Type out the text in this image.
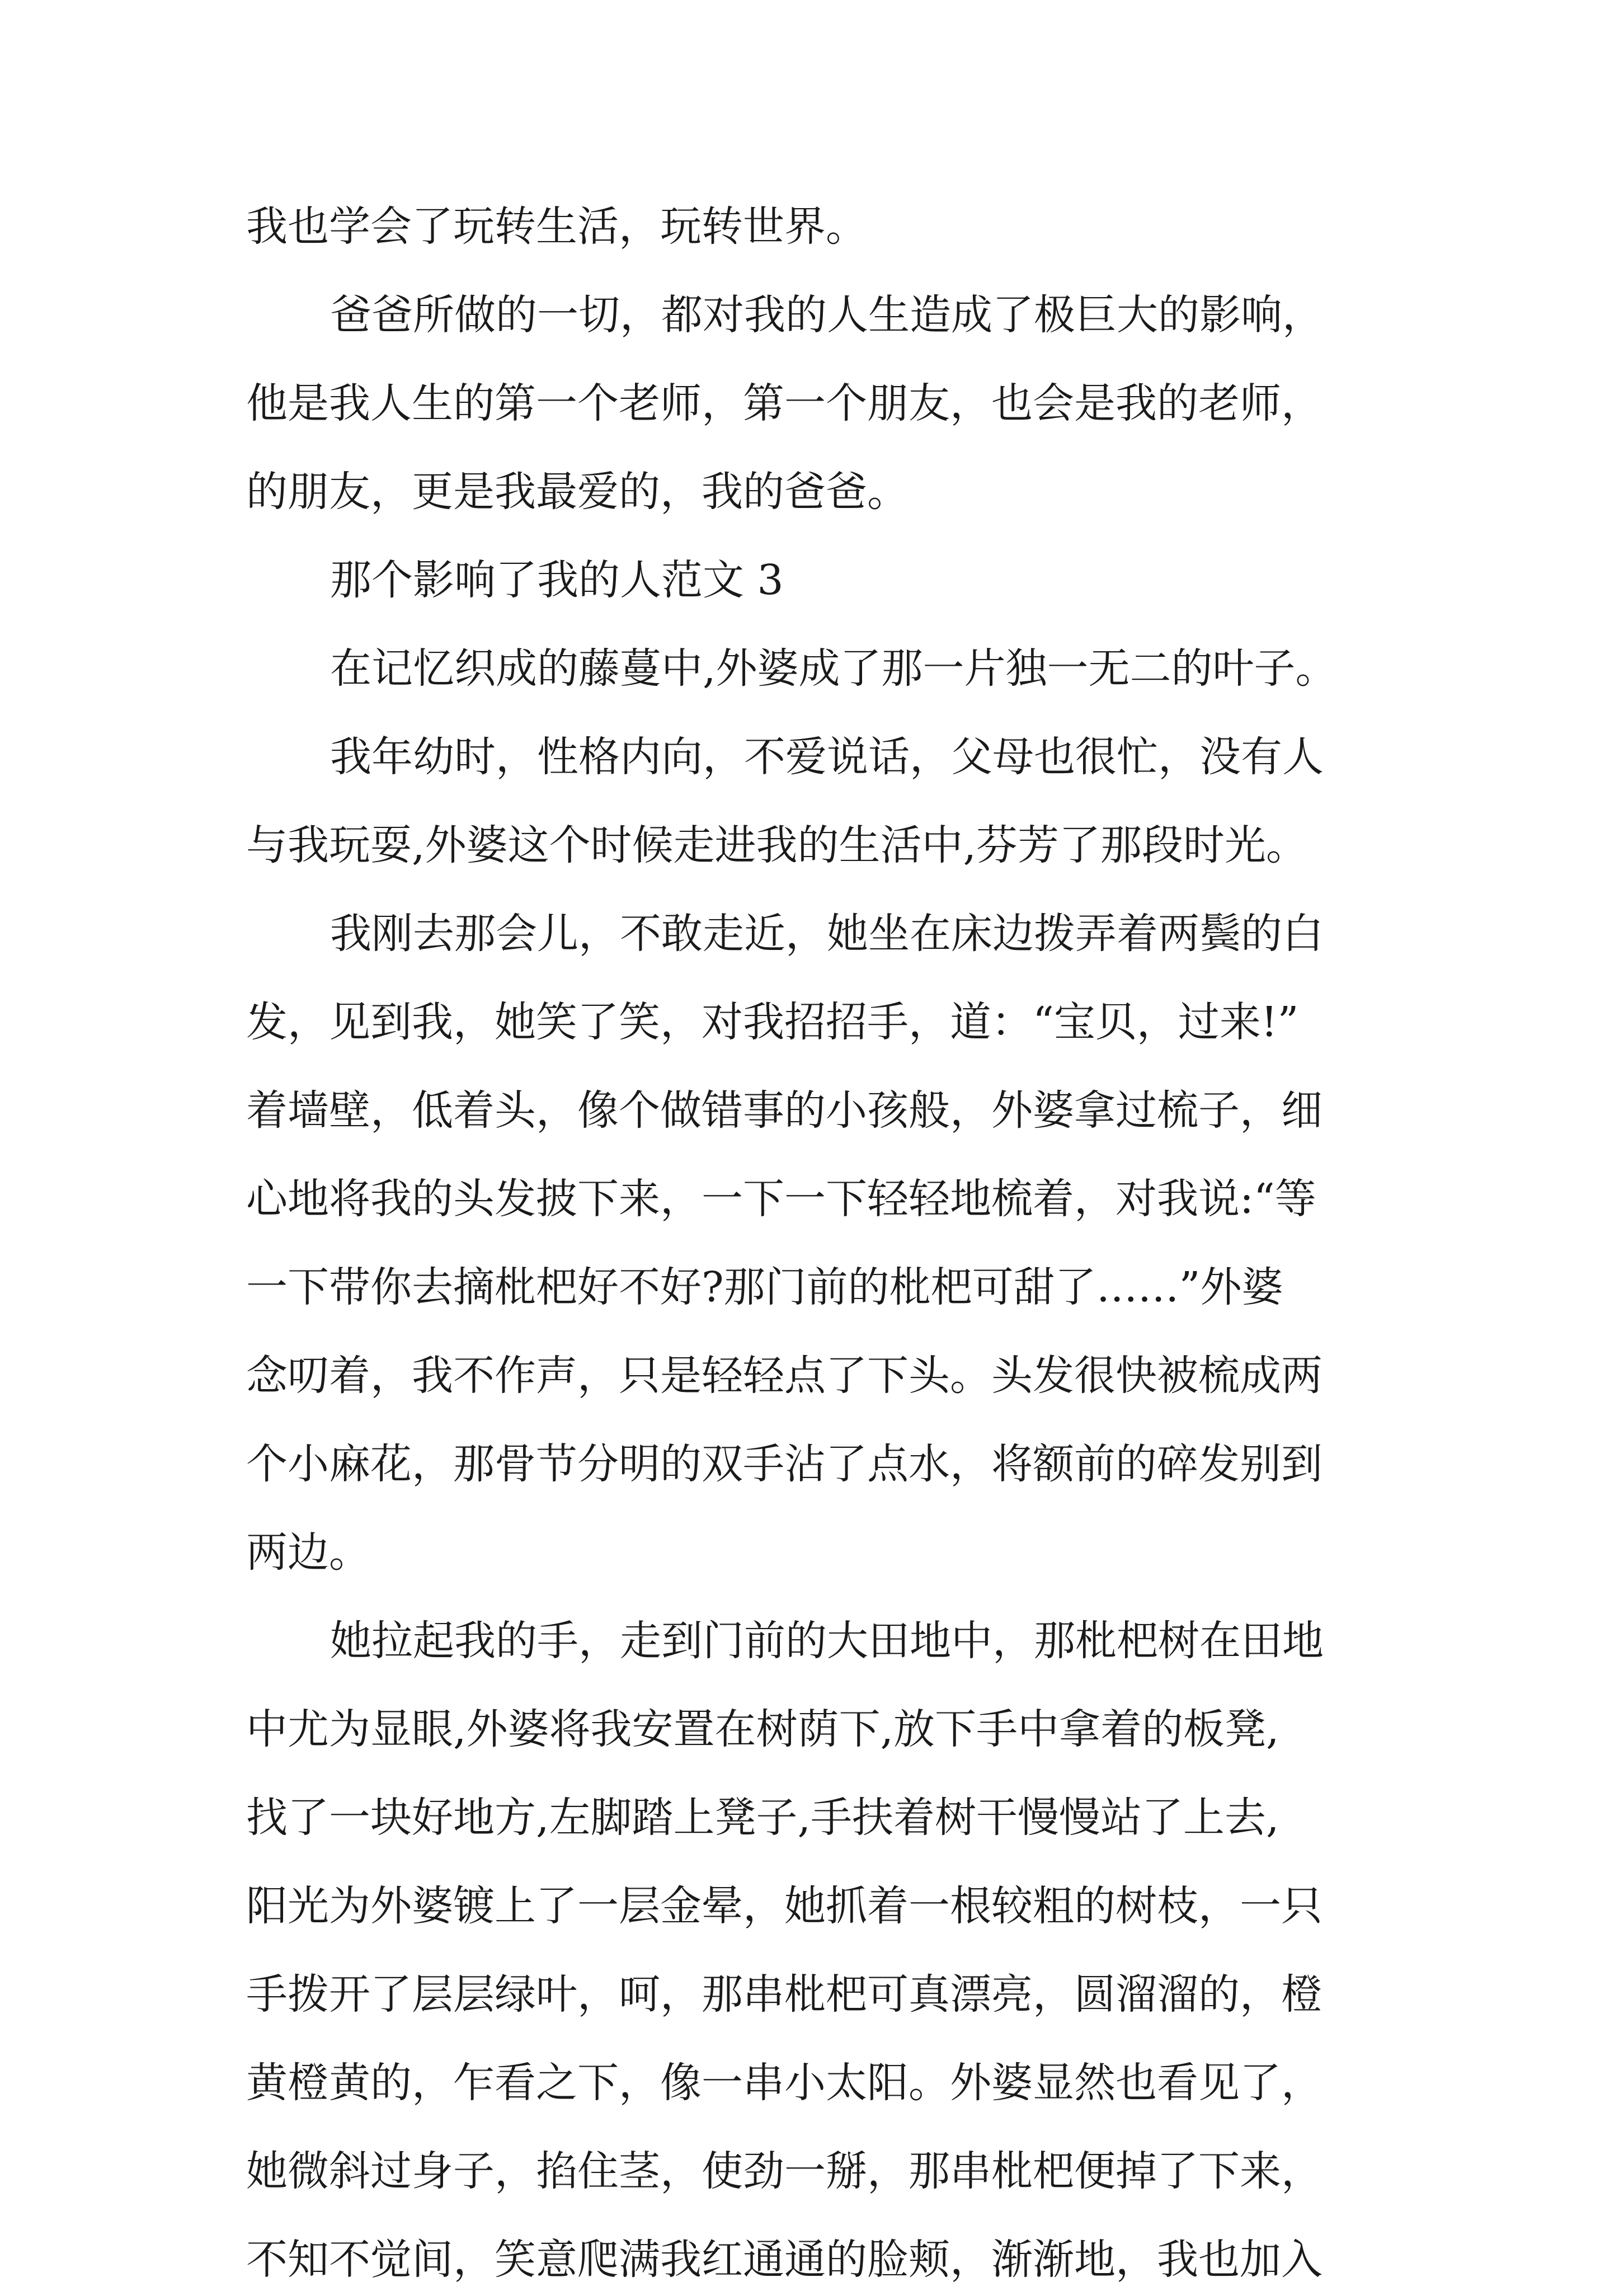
我也学会了玩转生活，玩转世界。
爸爸所做的一切，都对我的人生造成了极巨大的影响，
他是我人生的第一个老师，第一个朋友，也会是我的老师，
的朋友，更是我最爱的，我的爸爸。
那个影响了我的人范文 3
在记忆织成的藤蔓中,外婆成了那一片独一无二的叶子。
我年幼时，性格内向，不爱说话，父母也很忙，没有人
与我玩耍,外婆这个时候走进我的生活中,芬芳了那段时光。
我刚去那会儿，不敢走近，她坐在床边拨弄着两鬓的白
发，见到我，她笑了笑，对我招招手，道：“宝贝，过来!”
着墙壁，低着头，像个做错事的小孩般，外婆拿过梳子，细
心地将我的头发披下来，一下一下轻轻地梳着，对我说:“等
一下带你去摘枇杷好不好?那门前的枇杷可甜了……”外婆
念叨着，我不作声，只是轻轻点了下头。头发很快被梳成两
个小麻花，那骨节分明的双手沾了点水，将额前的碎发别到
两边。
她拉起我的手，走到门前的大田地中，那枇杷树在田地
中尤为显眼,外婆将我安置在树荫下,放下手中拿着的板凳,
找了一块好地方,左脚踏上凳子,手扶着树干慢慢站了上去,
阳光为外婆镀上了一层金晕，她抓着一根较粗的树枝，一只
手拨开了层层绿叶，呵，那串枇杷可真漂亮，圆溜溜的，橙
黄橙黄的，乍看之下，像一串小太阳。外婆显然也看见了，
她微斜过身子，掐住茎，使劲一掰，那串枇杷便掉了下来，
不知不觉间，笑意爬满我红通通的脸颊，渐渐地，我也加入
